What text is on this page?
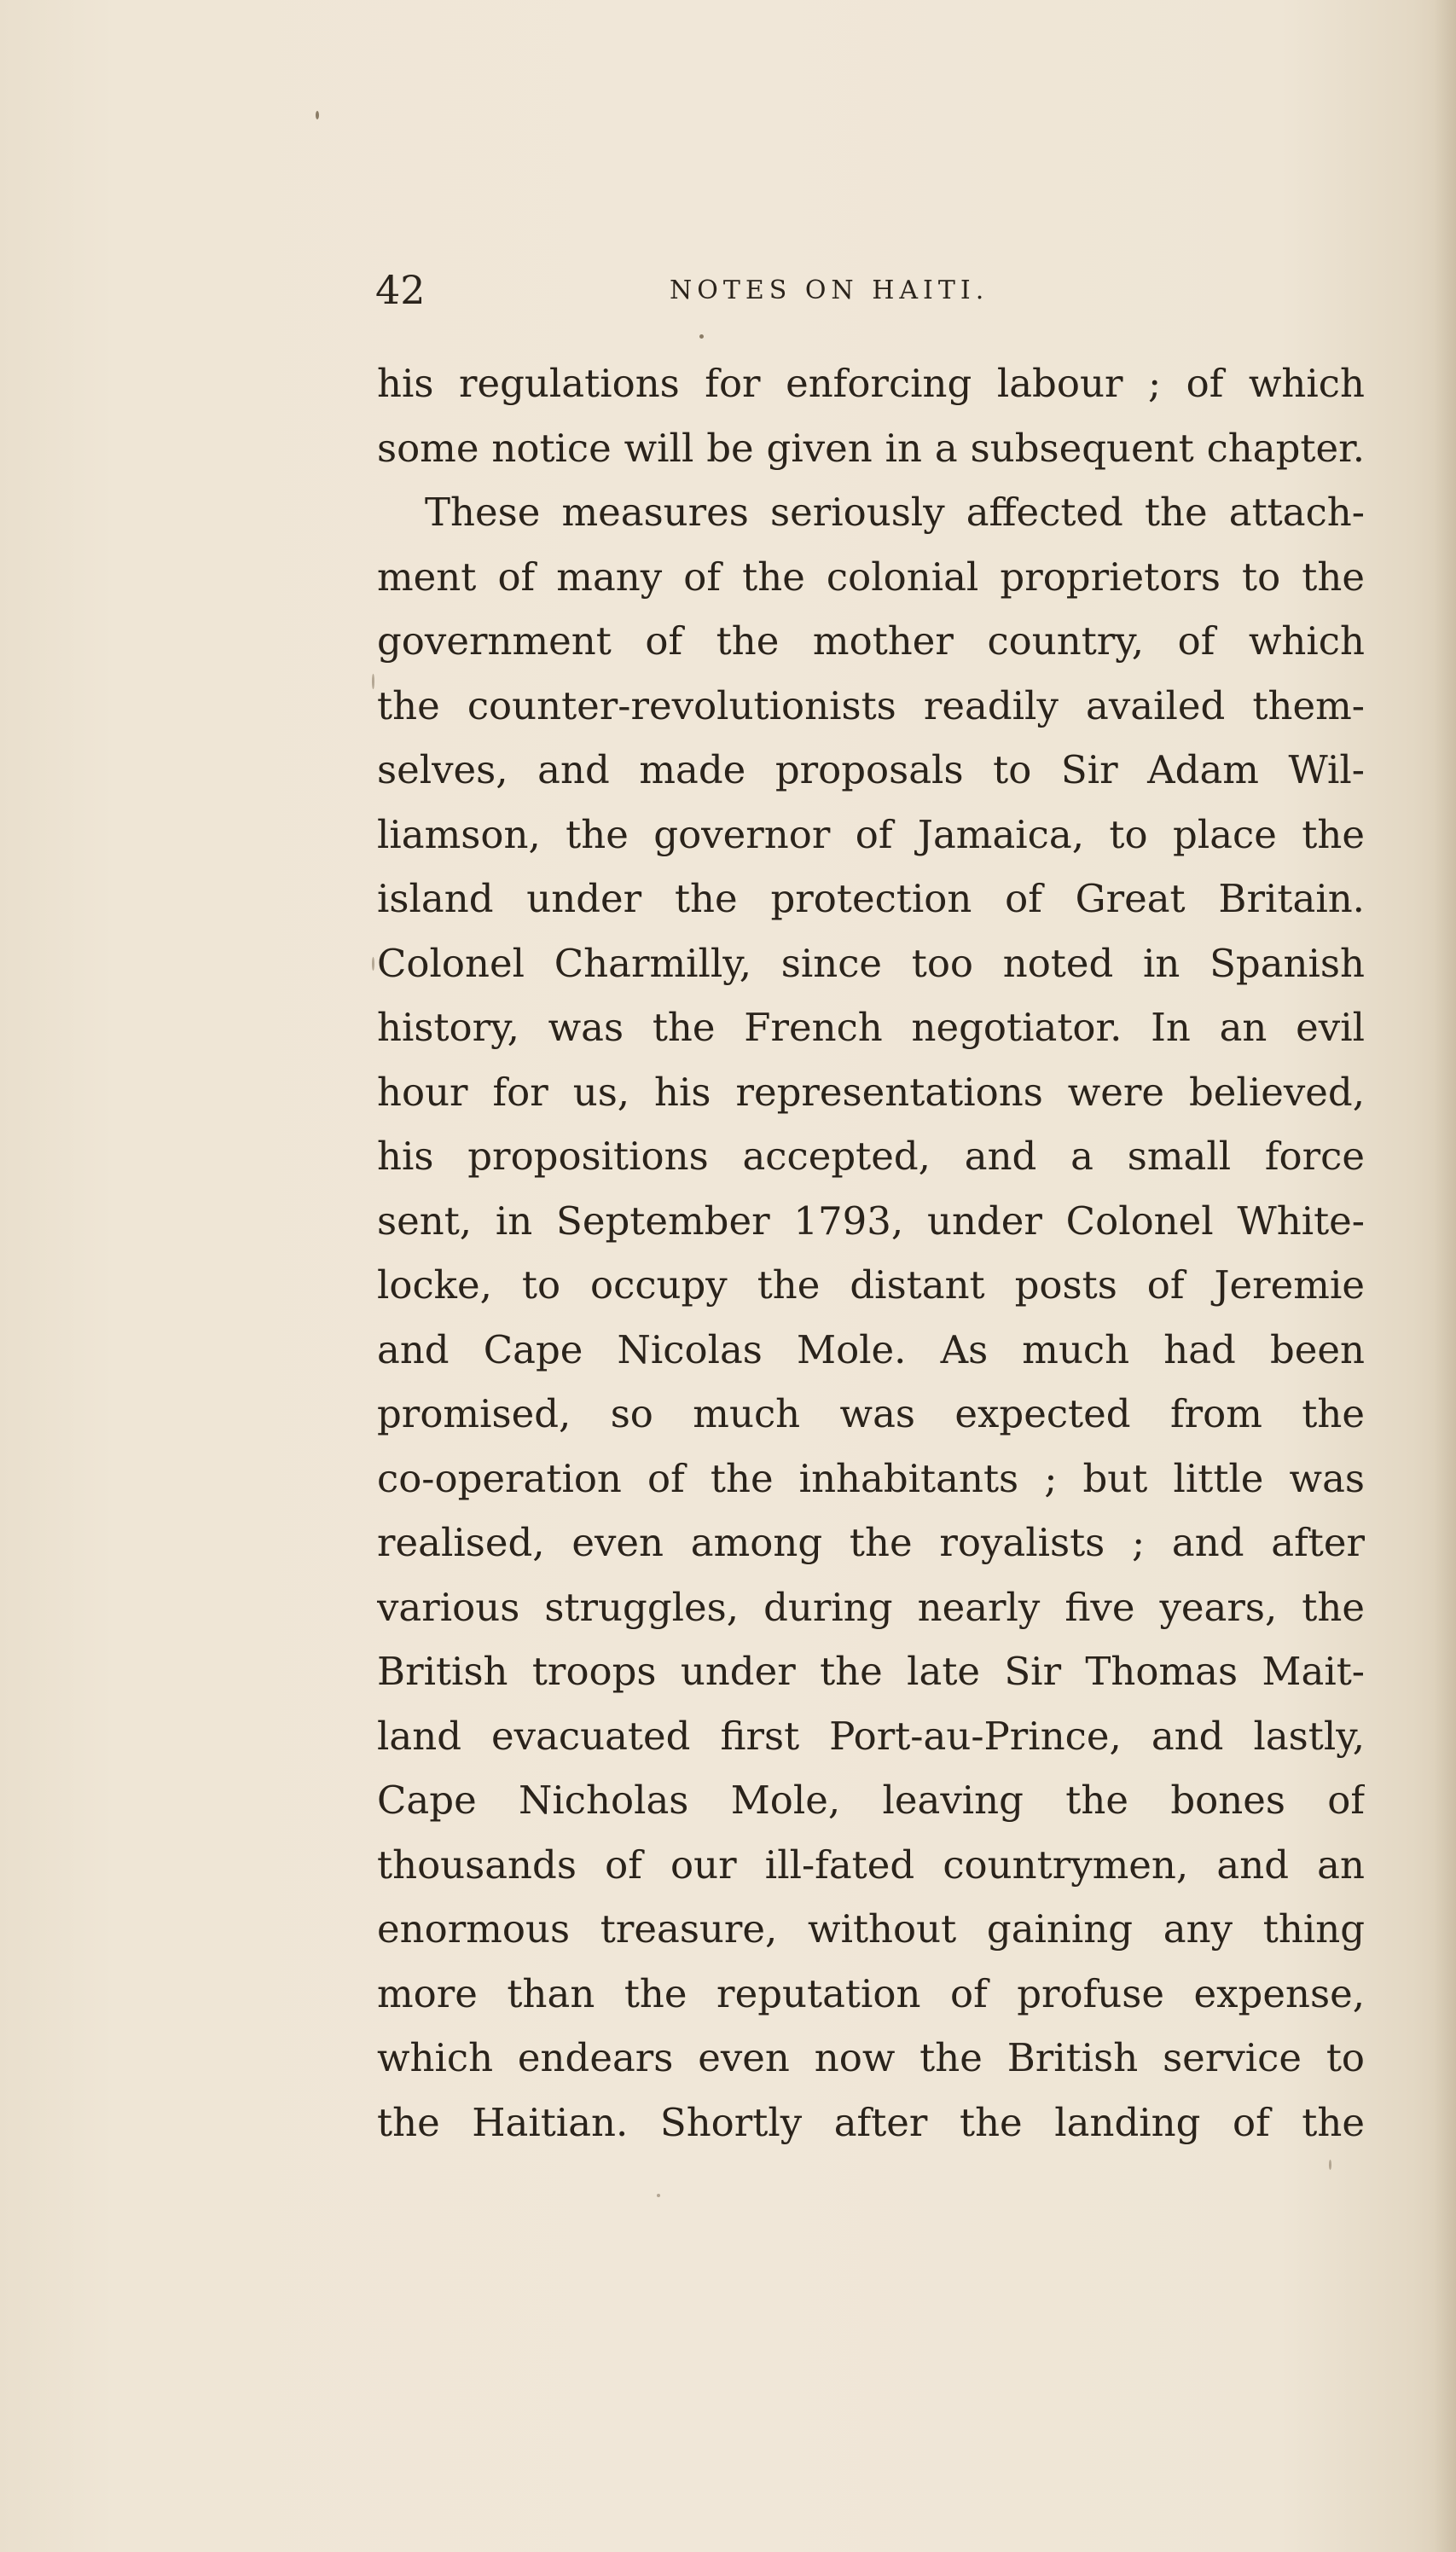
42	NOTES ON HAITI.
his regulations for enforcing labour ; of which
some notice will be given in a subsequent chapter.
These measures seriously affected the attach-
ment of many of the colonial proprietors to the
government of the mother country, of which
the counter-revolutionists readily availed them-
selves, and made proposals to Sir Adam Wil-
liamson, the governor of Jamaica, to place the
island under the protection of Great Britain.
Colonel Charmilly, since too noted in Spanish
history, was the French negotiator. In an evil
hour for us, his representations were believed,
his propositions accepted, and a small force
sent, in September 1793, under Colonel White-
locke, to occupy the distant posts of Jeremie
and Cape Nicolas Mole. As much had been
promised, so much was expected from the
co-operation of the inhabitants ; but little was
realised, even among the royalists ; and after
various struggles, during nearly five years, the
British troops under the late Sir Thomas Mait-
land evacuated first Port-au-Prince, and lastly,
Cape Nicholas Mole, leaving the bones of
thousands of our ill-fated countrymen, and an
enormous treasure, without gaining any thing
more than the reputation of profuse expense,
which endears even now the British service to
the Haitian. Shortly after the landing of the
